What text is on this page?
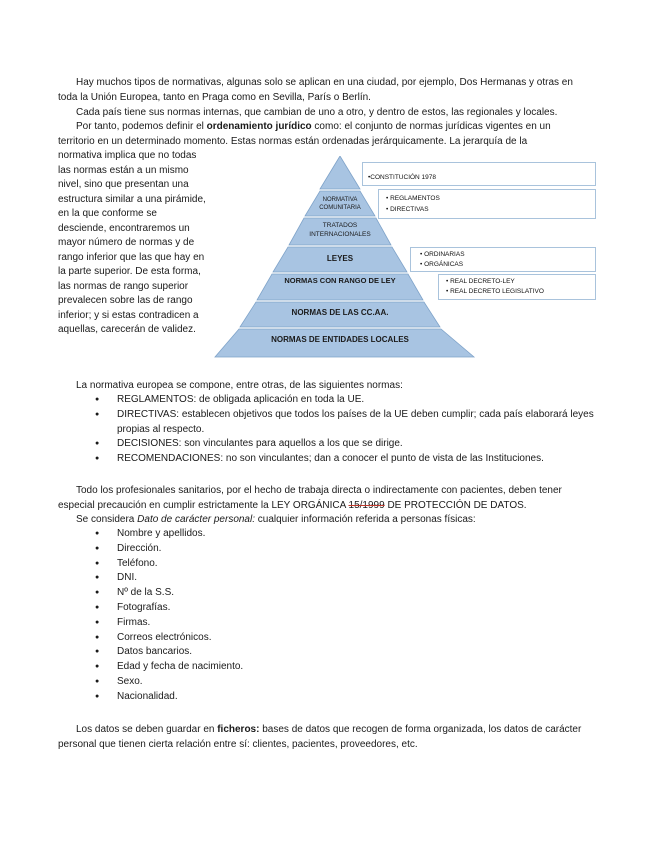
Hay muchos tipos de normativas, algunas solo se aplican en una ciudad, por ejemplo, Dos Hermanas y otras en toda la Unión Europea, tanto en Praga como en Sevilla, París o Berlín.

Cada país tiene sus normas internas, que cambian de uno a otro, y dentro de estos, las regionales y locales.

Por tanto, podemos definir el ordenamiento jurídico como: el conjunto de normas jurídicas vigentes en un territorio en un determinado momento. Estas normas están ordenadas jerárquicamente. La jerarquía de la

normativa implica que no todas las normas están a un mismo nivel, sino que presentan una estructura similar a una pirámide, en la que conforme se desciende, encontraremos un mayor número de normas y de rango inferior que las que hay en la parte superior. De esta forma, las normas de rango superior prevalecen sobre las de rango inferior; y si estas contradicen a aquellas, carecerán de validez.

•CONSTITUCIÓN 1978
• REGLAMENTOS
• DIRECTIVAS
• ORDINARIAS
• ORGÁNICAS
• REAL DECRETO-LEY
• REAL DECRETO LEGISLATIVO
NORMATIVA COMUNITARIA
TRATADOS INTERNACIONALES
LEYES
NORMAS CON RANGO DE LEY
NORMAS DE LAS CC.AA.
NORMAS DE ENTIDADES LOCALES

La normativa europea se compone, entre otras, de las siguientes normas:

● REGLAMENTOS: de obligada aplicación en toda la UE.
● DIRECTIVAS: establecen objetivos que todos los países de la UE deben cumplir; cada país elaborará leyes propias al respecto.
● DECISIONES: son vinculantes para aquellos a los que se dirige.
● RECOMENDACIONES: no son vinculantes; dan a conocer el punto de vista de las Instituciones.

Todo los profesionales sanitarios, por el hecho de trabaja directa o indirectamente con pacientes, deben tener especial precaución en cumplir estrictamente la LEY ORGÁNICA 15/1999 DE PROTECCIÓN DE DATOS.

Se considera Dato de carácter personal: cualquier información referida a personas físicas:

● Nombre y apellidos.
● Dirección.
● Teléfono.
● DNI.
● Nº de la S.S.
● Fotografías.
● Firmas.
● Correos electrónicos.
● Datos bancarios.
● Edad y fecha de nacimiento.
● Sexo.
● Nacionalidad.

Los datos se deben guardar en ficheros: bases de datos que recogen de forma organizada, los datos de carácter personal que tienen cierta relación entre sí: clientes, pacientes, proveedores, etc.
